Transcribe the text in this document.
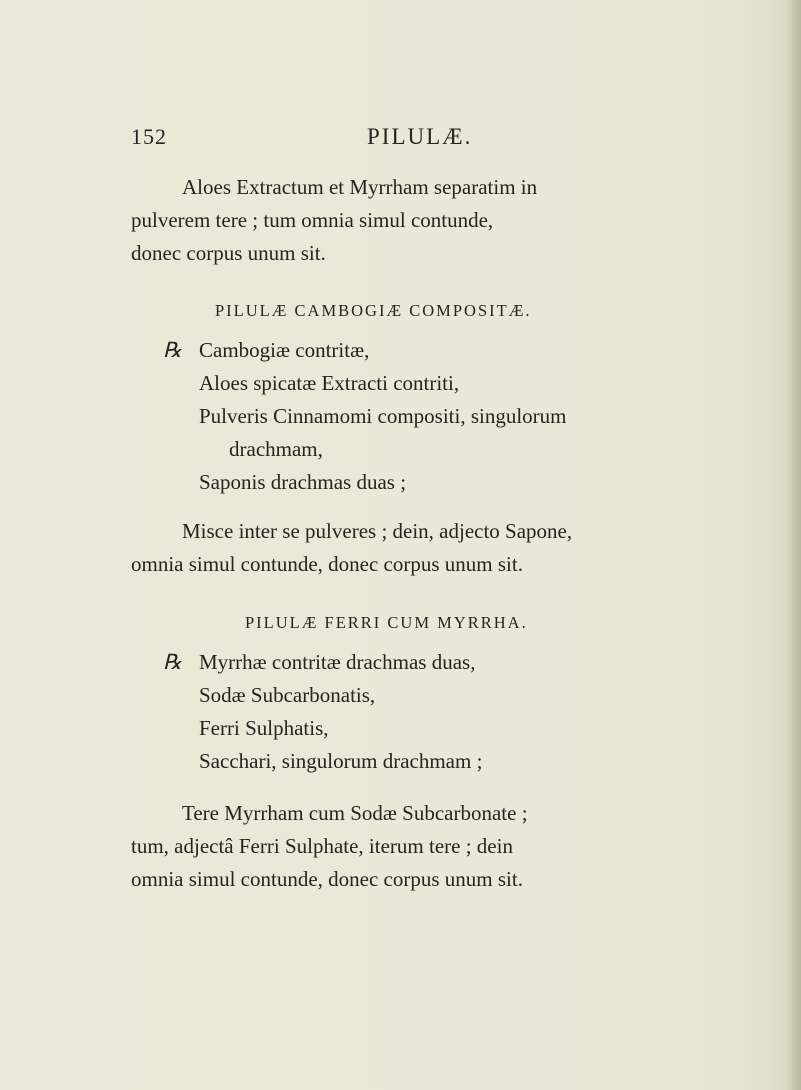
152	PILULÆ.
Aloes Extractum et Myrrham separatim in
pulverem tere ; tum omnia simul contunde,
donec corpus unum sit.
PILULÆ CAMBOGIÆ COMPOSITÆ.
℞ Cambogiæ contritæ,
Aloes spicatæ Extracti contriti,
Pulveris Cinnamomi compositi, singulorum
drachmam,
Saponis drachmas duas ;
Misce inter se pulveres ; dein, adjecto Sapone,
omnia simul contunde, donec corpus unum sit.
PILULÆ FERRI CUM MYRRHA.
℞ Myrrhæ contritæ drachmas duas,
Sodæ Subcarbonatis,
Ferri Sulphatis,
Sacchari, singulorum drachmam ;
Tere Myrrham cum Sodæ Subcarbonate ;
tum, adjectâ Ferri Sulphate, iterum tere ; dein
omnia simul contunde, donec corpus unum sit.
